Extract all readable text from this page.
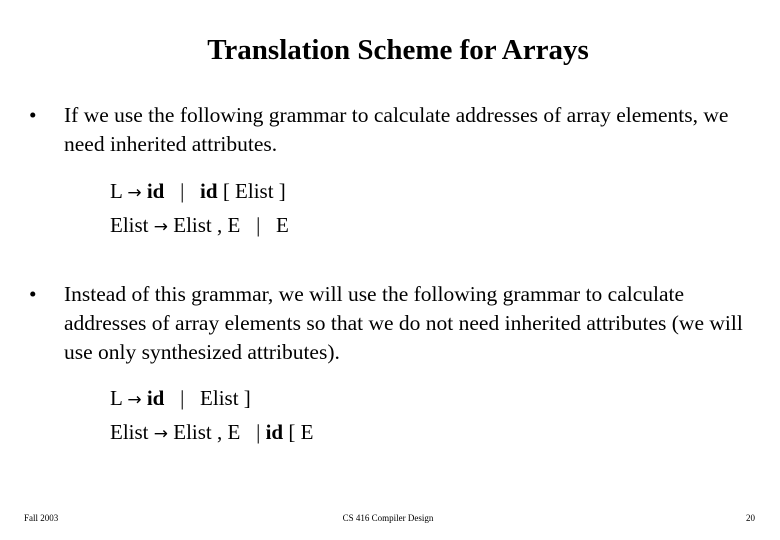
Translation Scheme for Arrays
• If we use the following grammar to calculate addresses of array elements, we need inherited attributes.
L → id | id [ Elist ]
Elist → Elist , E   |   E
• Instead of this grammar, we will use the following grammar to calculate addresses of array elements so that we do not need inherited attributes (we will use only synthesized attributes).
L → id |   Elist ]
Elist → Elist , E   | id [ E
Fall 2003	CS 416 Compiler Design	20
